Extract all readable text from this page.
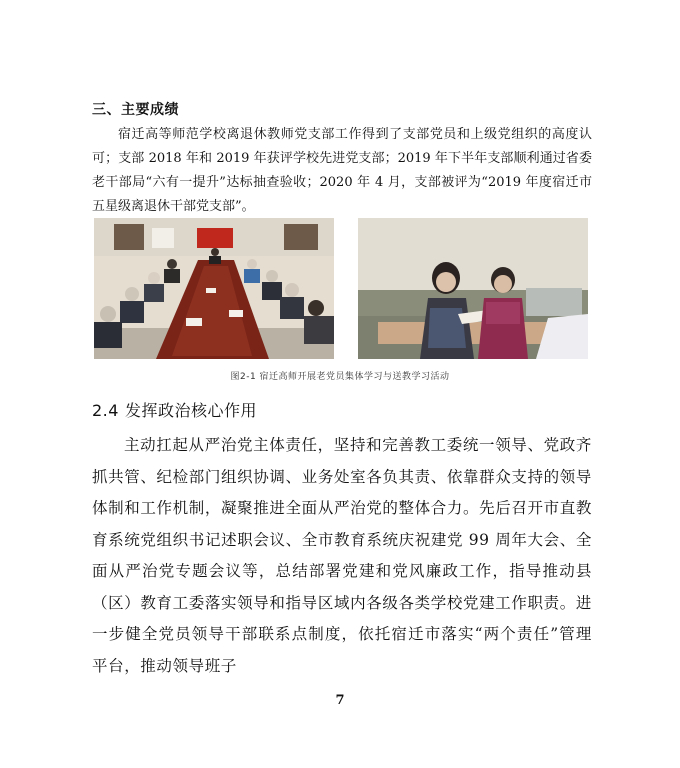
三、主要成绩

宿迁高等师范学校离退休教师党支部工作得到了支部党员和上级党组织的高度认可；支部 2018 年和 2019 年获评学校先进党支部；2019 年下半年支部顺利通过省委老干部局“六有一提升”达标抽查验收；2020 年 4 月，支部被评为“2019 年度宿迁市五星级离退休干部党支部”。

图2-1 宿迁高师开展老党员集体学习与送教学习活动
2.4 发挥政治核心作用

主动扛起从严治党主体责任，坚持和完善教工委统一领导、党政齐抓共管、纪检部门组织协调、业务处室各负其责、依靠群众支持的领导体制和工作机制，凝聚推进全面从严治党的整体合力。先后召开市直教育系统党组织书记述职会议、全市教育系统庆祝建党 99 周年大会、全面从严治党专题会议等，总结部署党建和党风廉政工作，指导推动县（区）教育工委落实领导和指导区域内各级各类学校党建工作职责。进一步健全党员领导干部联系点制度，依托宿迁市落实“两个责任”管理平台，推动领导班子

7
